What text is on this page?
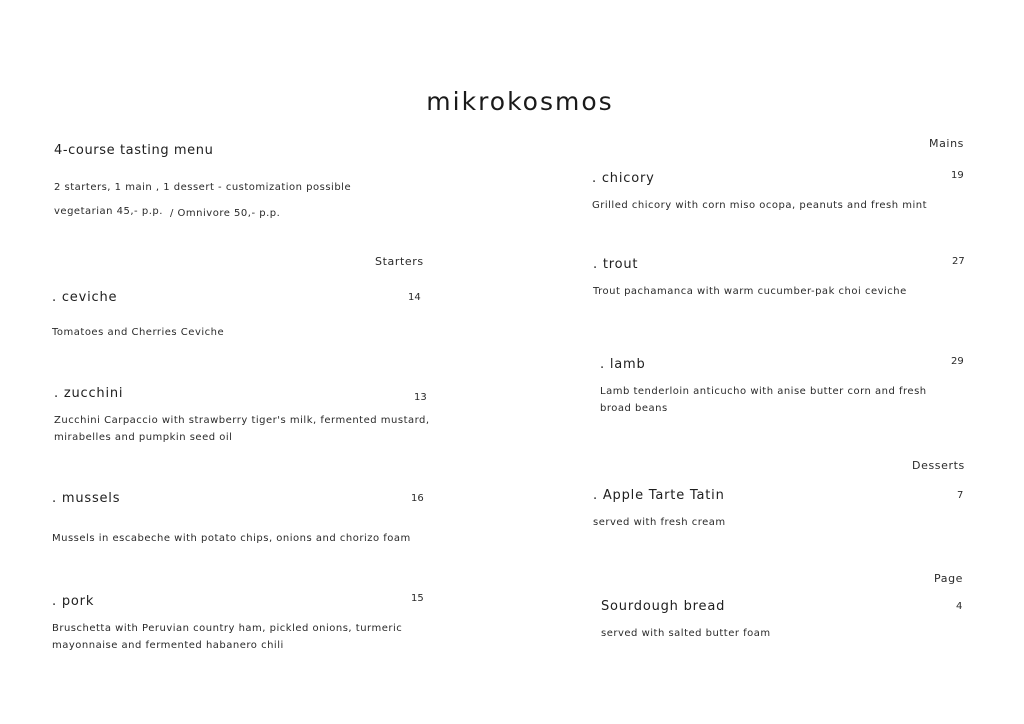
mikrokosmos
4-course tasting menu
2 starters, 1 main , 1 dessert - customization possible
vegetarian 45,- p.p. / Omnivore 50,- p.p.
Starters
. ceviche	14
Tomatoes and Cherries Ceviche
. zucchini	13
Zucchini Carpaccio with strawberry tiger's milk, fermented mustard, mirabelles and pumpkin seed oil
. mussels	16
Mussels in escabeche with potato chips, onions and chorizo foam
. pork	15
Bruschetta with Peruvian country ham, pickled onions, turmeric mayonnaise and fermented habanero chili
Mains
. chicory	19
Grilled chicory with corn miso ocopa, peanuts and fresh mint
. trout	27
Trout pachamanca with warm cucumber-pak choi ceviche
. lamb	29
Lamb tenderloin anticucho with anise butter corn and fresh broad beans
Desserts
. Apple Tarte Tatin	7
served with fresh cream
Page
Sourdough bread	4
served with salted butter foam
